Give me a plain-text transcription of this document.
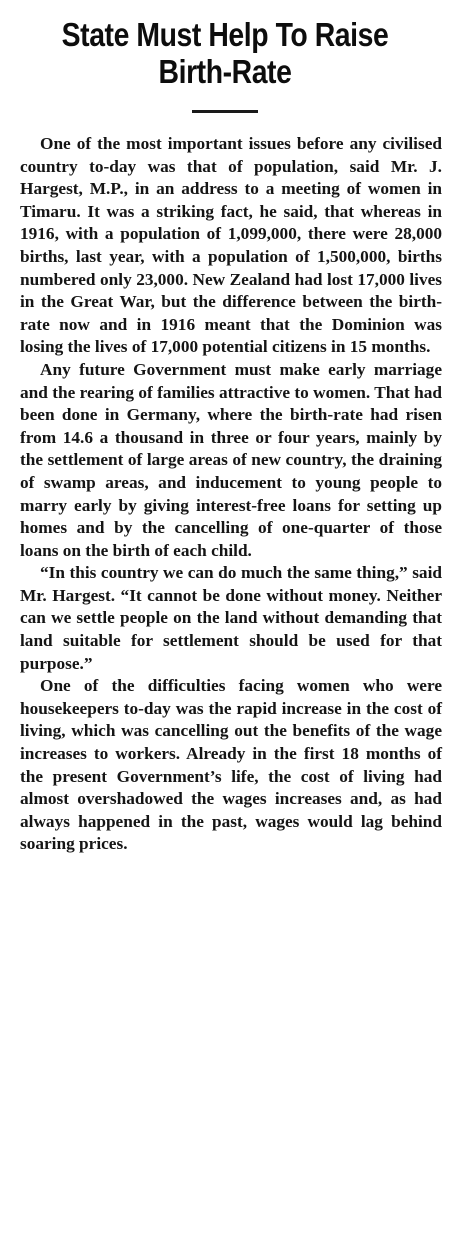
State Must Help To Raise
Birth-Rate

One of the most important issues before any civilised country to-day was that of population, said Mr. J. Hargest, M.P., in an address to a meeting of women in Timaru. It was a striking fact, he said, that whereas in 1916, with a population of 1,099,000, there were 28,000 births, last year, with a population of 1,500,000, births numbered only 23,000. New Zealand had lost 17,000 lives in the Great War, but the difference between the birth-rate now and in 1916 meant that the Dominion was losing the lives of 17,000 potential citizens in 15 months.

Any future Government must make early marriage and the rearing of families attractive to women. That had been done in Germany, where the birth-rate had risen from 14.6 a thousand in three or four years, mainly by the settlement of large areas of new country, the draining of swamp areas, and inducement to young people to marry early by giving interest-free loans for setting up homes and by the cancelling of one-quarter of those loans on the birth of each child.

“In this country we can do much the same thing,” said Mr. Hargest. “It cannot be done without money. Neither can we settle people on the land without demanding that land suitable for settlement should be used for that purpose.”

One of the difficulties facing women who were housekeepers to-day was the rapid increase in the cost of living, which was cancelling out the benefits of the wage increases to workers. Already in the first 18 months of the present Government’s life, the cost of living had almost overshadowed the wages increases and, as had always happened in the past, wages would lag behind soaring prices.
